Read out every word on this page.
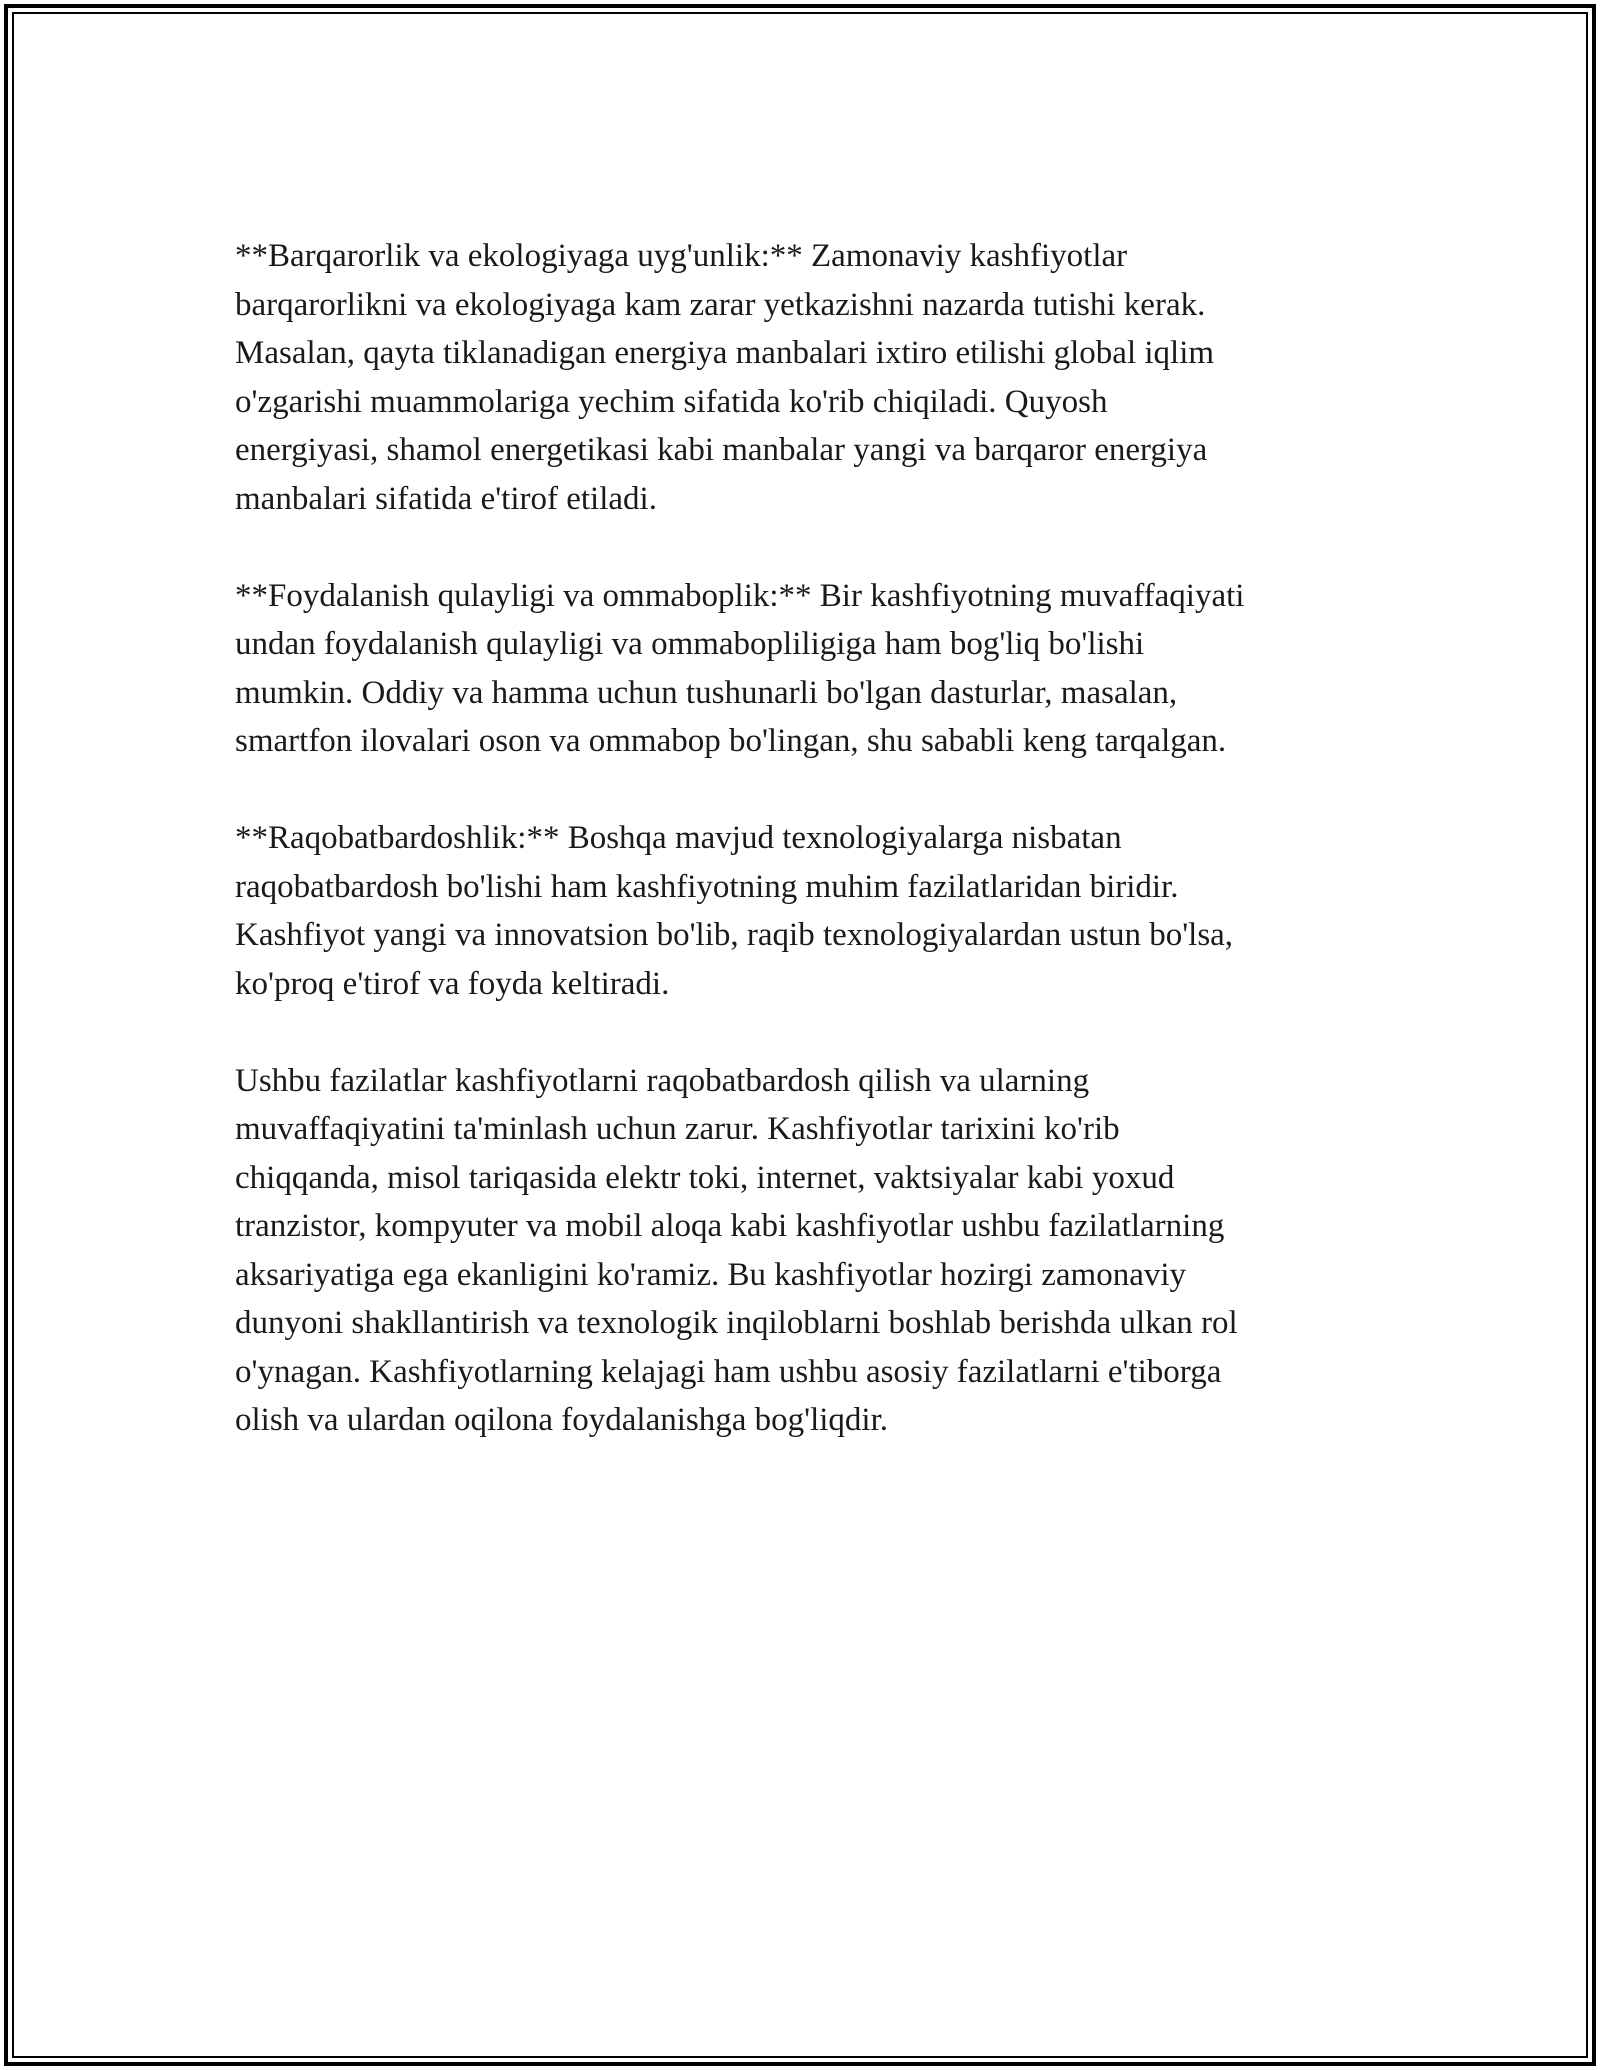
**Barqarorlik va ekologiyaga uyg'unlik:** Zamonaviy kashfiyotlar
barqarorlikni va ekologiyaga kam zarar yetkazishni nazarda tutishi kerak.
Masalan, qayta tiklanadigan energiya manbalari ixtiro etilishi global iqlim
o'zgarishi muammolariga yechim sifatida ko'rib chiqiladi. Quyosh
energiyasi, shamol energetikasi kabi manbalar yangi va barqaror energiya
manbalari sifatida e'tirof etiladi.

**Foydalanish qulayligi va ommaboplik:** Bir kashfiyotning muvaffaqiyati
undan foydalanish qulayligi va ommabopliligiga ham bog'liq bo'lishi
mumkin. Oddiy va hamma uchun tushunarli bo'lgan dasturlar, masalan,
smartfon ilovalari oson va ommabop bo'lingan, shu sababli keng tarqalgan.

**Raqobatbardoshlik:** Boshqa mavjud texnologiyalarga nisbatan
raqobatbardosh bo'lishi ham kashfiyotning muhim fazilatlaridan biridir.
Kashfiyot yangi va innovatsion bo'lib, raqib texnologiyalardan ustun bo'lsa,
ko'proq e'tirof va foyda keltiradi.

Ushbu fazilatlar kashfiyotlarni raqobatbardosh qilish va ularning
muvaffaqiyatini ta'minlash uchun zarur. Kashfiyotlar tarixini ko'rib
chiqqanda, misol tariqasida elektr toki, internet, vaktsiyalar kabi yoxud
tranzistor, kompyuter va mobil aloqa kabi kashfiyotlar ushbu fazilatlarning
aksariyatiga ega ekanligini ko'ramiz. Bu kashfiyotlar hozirgi zamonaviy
dunyoni shakllantirish va texnologik inqiloblarni boshlab berishda ulkan rol
o'ynagan. Kashfiyotlarning kelajagi ham ushbu asosiy fazilatlarni e'tiborga
olish va ulardan oqilona foydalanishga bog'liqdir.
